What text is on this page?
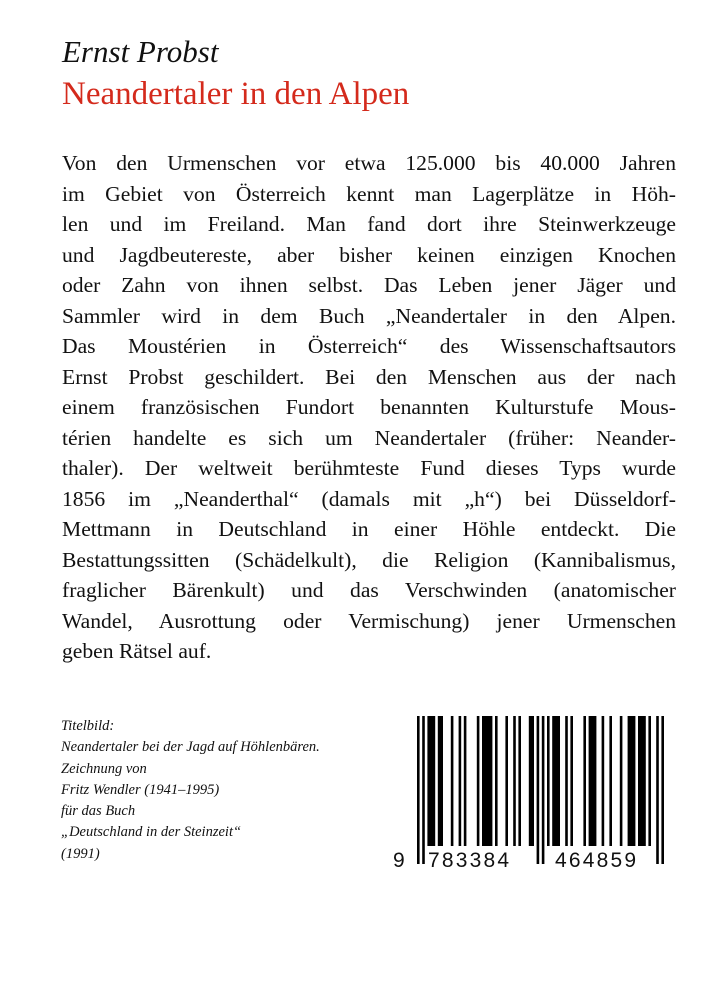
Ernst Probst
Neandertaler in den Alpen
Von den Urmenschen vor etwa 125.000 bis 40.000 Jahren
im Gebiet von Österreich kennt man Lagerplätze in Höh-
len und im Freiland. Man fand dort ihre Steinwerkzeuge
und Jagdbeutereste, aber bisher keinen einzigen Knochen
oder Zahn von ihnen selbst. Das Leben jener Jäger und
Sammler wird in dem Buch „Neandertaler in den Alpen.
Das Moustérien in Österreich“ des Wissenschaftsautors
Ernst Probst geschildert. Bei den Menschen aus der nach
einem französischen Fundort benannten Kulturstufe Mous-
térien handelte es sich um Neandertaler (früher: Neander-
thaler). Der weltweit berühmteste Fund dieses Typs wurde
1856 im „Neanderthal“ (damals mit „h“) bei Düsseldorf-
Mettmann in Deutschland in einer Höhle entdeckt. Die
Bestattungssitten (Schädelkult), die Religion (Kannibalismus,
fraglicher Bärenkult) und das Verschwinden (anatomischer
Wandel, Ausrottung oder Vermischung) jener Urmenschen
geben Rätsel auf.
Titelbild:
Neandertaler bei der Jagd auf Höhlenbären.
Zeichnung von
Fritz Wendler (1941–1995)
für das Buch
„Deutschland in der Steinzeit“
(1991)	9 783384 464859
